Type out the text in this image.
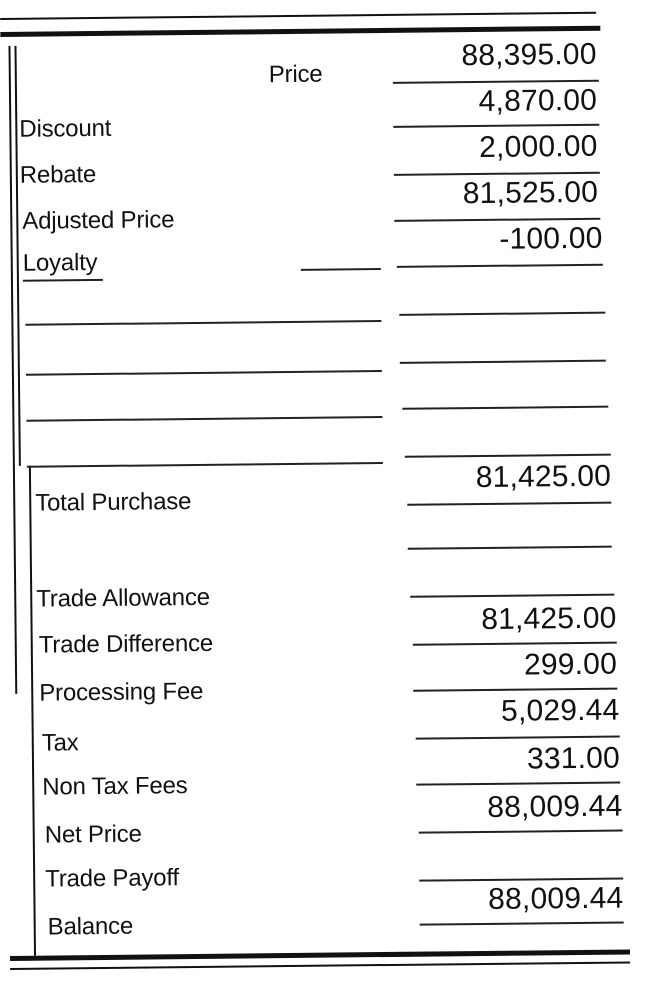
Price
88,395.00
Discount
4,870.00
Rebate
2,000.00
Adjusted Price
81,525.00
Loyalty
-100.00
Total Purchase
81,425.00
Trade Allowance
Trade Difference
81,425.00
Processing Fee
299.00
Tax
5,029.44
Non Tax Fees
331.00
Net Price
88,009.44
Trade Payoff
Balance
88,009.44
